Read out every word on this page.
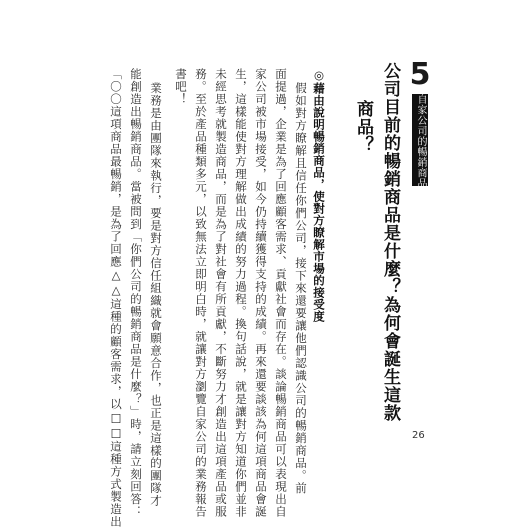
5
自家公司的暢銷商品
公司目前的暢銷商品是什麼？為何會誕生這款
商品？
◎藉由說明暢銷商品，使對方瞭解市場的接受度
假如對方瞭解且信任你們公司，接下來還要讓他們認識公司的暢銷商品。前
面提過，企業是為了回應顧客需求、貢獻社會而存在。談論暢銷商品可以表現出自
家公司被市場接受，如今仍持續獲得支持的成績。再來還要談該為何這項商品會誕
生，這樣能使對方理解做出成績的努力過程。換句話說，就是讓對方知道你們並非
未經思考就製造商品，而是為了對社會有所貢獻，不斷努力才創造出這項產品或服
務。至於產品種類多元，以致無法立即明白時，就讓對方瀏覽自家公司的業務報告
書吧！
業務是由團隊來執行，要是對方信任組織就會願意合作，也正是這樣的團隊才
能創造出暢銷商品。當被問到「你們公司的暢銷商品是什麼？」時，請立刻回答：
「〇〇這項商品最暢銷，是為了回應△△這種的顧客需求，以□□這種方式製造出	26
